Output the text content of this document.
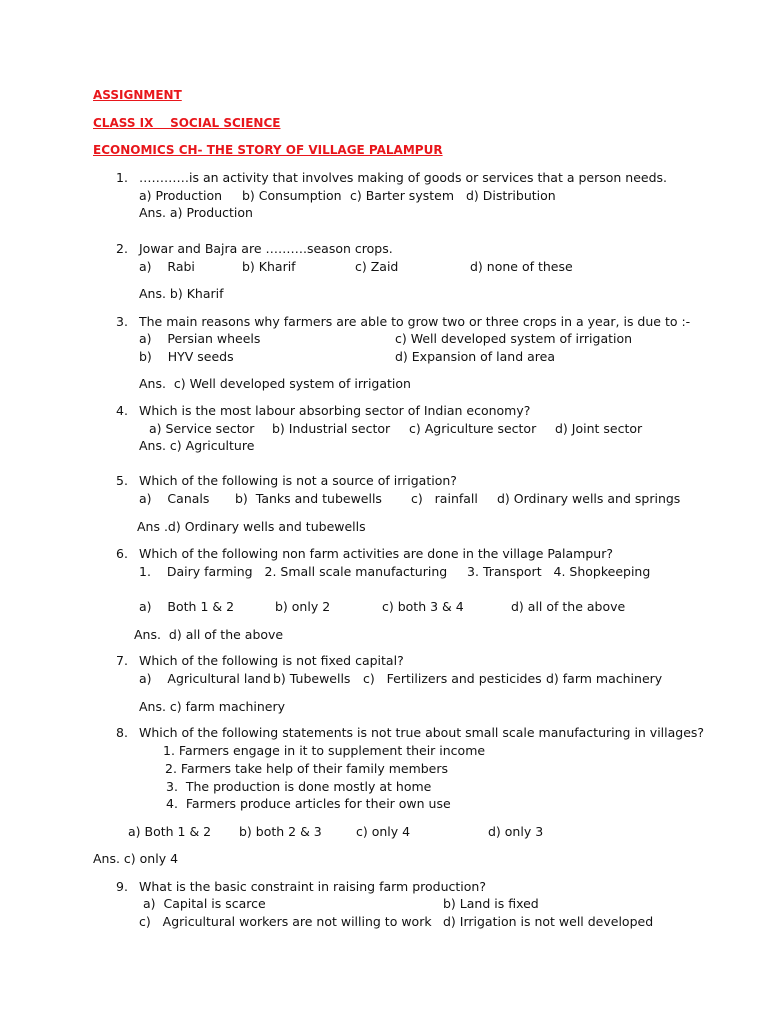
ASSIGNMENT
CLASS IX    SOCIAL SCIENCE
ECONOMICS CH- THE STORY OF VILLAGE PALAMPUR
1. …………is an activity that involves making of goods or services that a person needs.
a) Production b) Consumption c) Barter system d) Distribution
Ans. a) Production
2. Jowar and Bajra are ……….season crops.
a)    Rabi	b) Kharif	c) Zaid	d) none of these
Ans. b) Kharif
3. The main reasons why farmers are able to grow two or three crops in a year, is due to :-
a)    Persian wheels	c) Well developed system of irrigation
b)    HYV seeds	d) Expansion of land area
Ans.  c) Well developed system of irrigation
4. Which is the most labour absorbing sector of Indian economy?
a) Service sector b) Industrial sector c) Agriculture sector d) Joint sector
Ans. c) Agriculture
5. Which of the following is not a source of irrigation?
a)    Canals b)  Tanks and tubewells c)   rainfall d) Ordinary wells and springs
Ans .d) Ordinary wells and tubewells
6. Which of the following non farm activities are done in the village Palampur?
1.    Dairy farming   2. Small scale manufacturing     3. Transport   4. Shopkeeping
a)    Both 1 & 2	b) only 2	c) both 3 & 4	d) all of the above
Ans.  d) all of the above
7. Which of the following is not fixed capital?
a)    Agricultural land b) Tubewells c)   Fertilizers and pesticides d) farm machinery
Ans. c) farm machinery
8. Which of the following statements is not true about small scale manufacturing in villages?
1. Farmers engage in it to supplement their income
2. Farmers take help of their family members
3.  The production is done mostly at home
4.  Farmers produce articles for their own use
a) Both 1 & 2 b) both 2 & 3	c) only 4	d) only 3
Ans. c) only 4
9. What is the basic constraint in raising farm production?
a)  Capital is scarce	b) Land is fixed
c)   Agricultural workers are not willing to work d) Irrigation is not well developed
